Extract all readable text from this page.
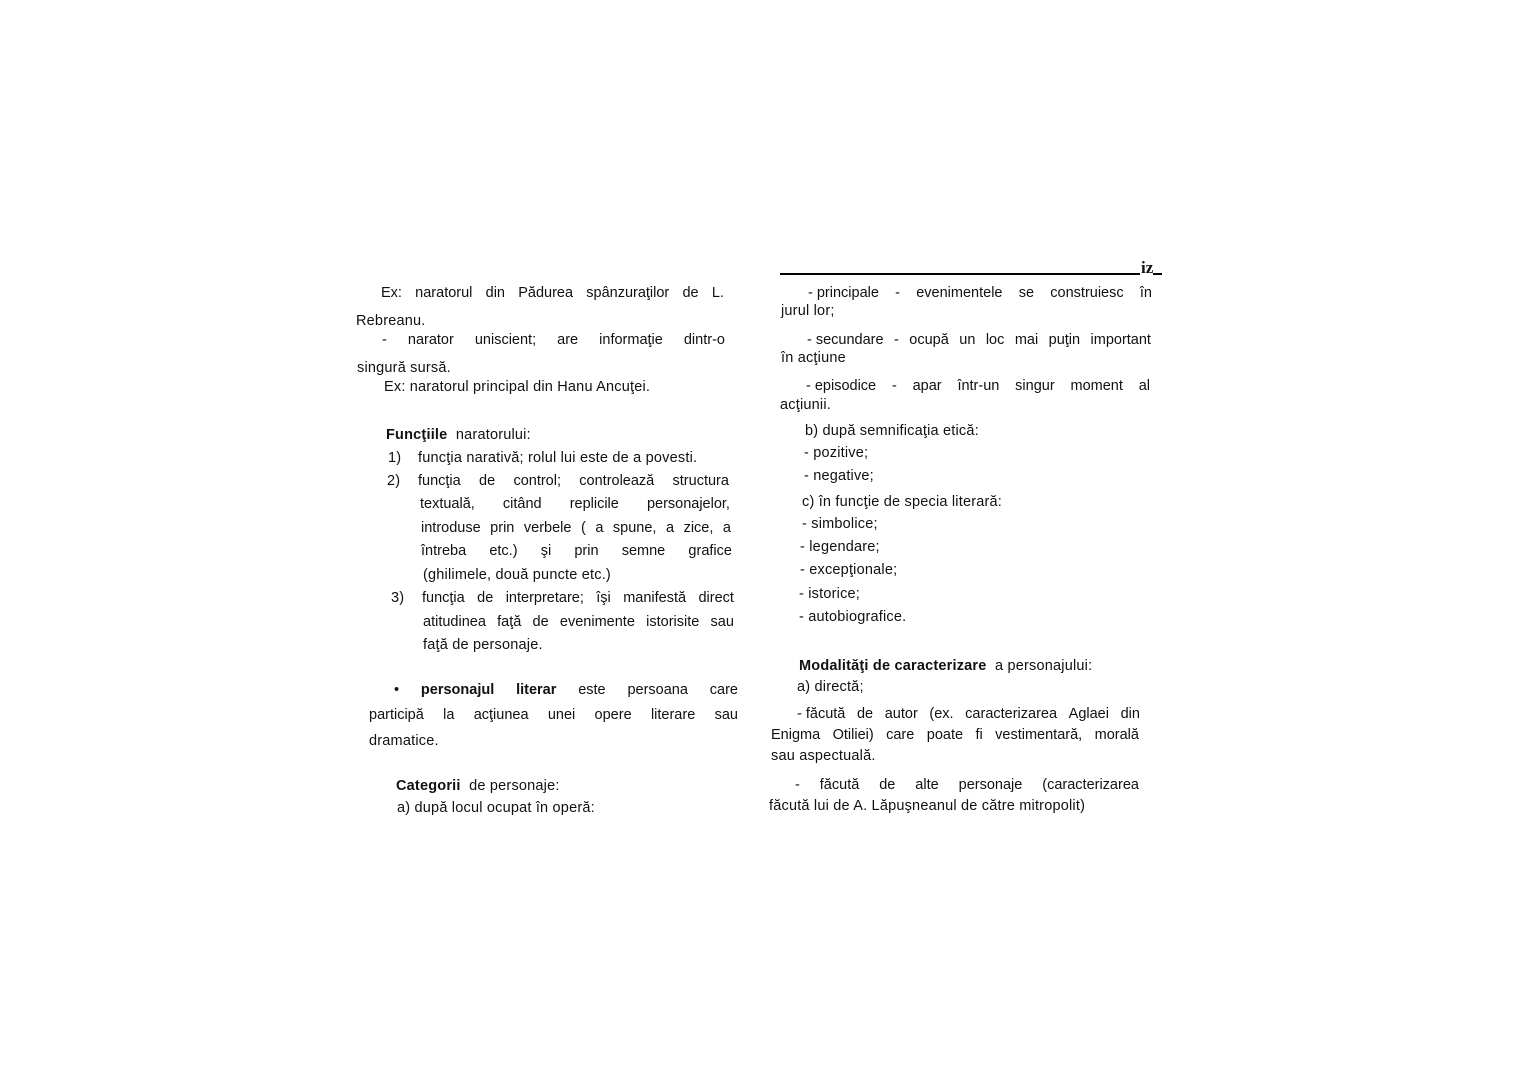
Ex: naratorul din Pădurea spânzuraţilor de L.
Rebreanu.
- narator uniscient; are informaţie dintr-o
singură sursă.
Ex: naratorul principal din Hanu Ancuţei.
Funcţiile naratorului:
1) funcţia narativă; rolul lui este de a povesti.
2) funcţia de control; controlează structura
textuală, citând replicile personajelor,
introduse prin verbele ( a spune, a zice, a
întreba etc.) şi prin semne grafice
(ghilimele, două puncte etc.)
3) funcţia de interpretare; îşi manifestă direct
atitudinea faţă de evenimente istorisite sau
faţă de personaje.
• personajul literar este persoana care
participă la acţiunea unei opere literare sau
dramatice.
Categorii de personaje:
a) după locul ocupat în operă:
iz
- principale - evenimentele se construiesc în
jurul lor;
- secundare - ocupă un loc mai puţin important
în acţiune
- episodice - apar într-un singur moment al
acţiunii.
b) după semnificaţia etică:
- pozitive;
- negative;
c) în funcţie de specia literară:
- simbolice;
- legendare;
- excepţionale;
- istorice;
- autobiografice.
Modalităţi de caracterizare a personajului:
a) directă;
- făcută de autor (ex. caracterizarea Aglaei din
Enigma Otiliei) care poate fi vestimentară, morală
sau aspectuală.
- făcută de alte personaje (caracterizarea
făcută lui de A. Lăpuşneanul de către mitropolit)
